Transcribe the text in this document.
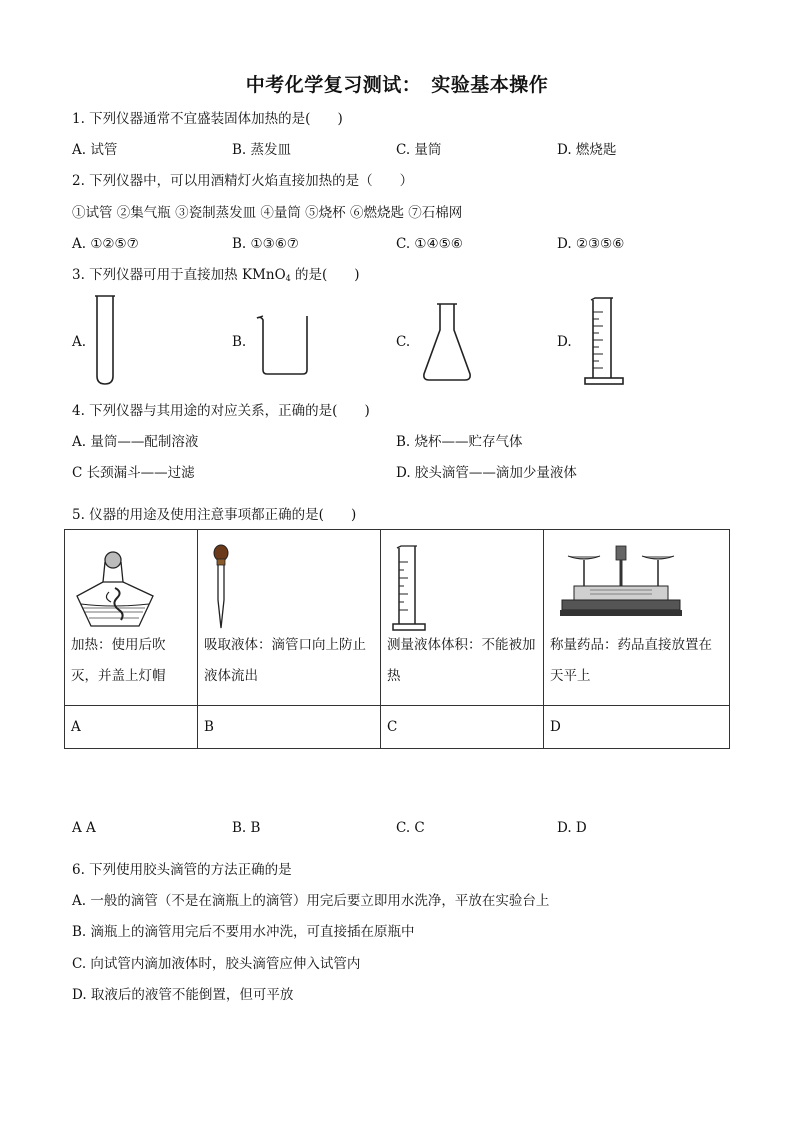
中考化学复习测试：　实验基本操作
1. 下列仪器通常不宜盛装固体加热的是(　　)
A. 试管	B. 蒸发皿	C. 量筒	D. 燃烧匙
2. 下列仪器中，可以用酒精灯火焰直接加热的是（　　）
①试管 ②集气瓶 ③瓷制蒸发皿 ④量筒 ⑤烧杯 ⑥燃烧匙 ⑦石棉网
A. ①②⑤⑦	B. ①③⑥⑦	C. ①④⑤⑥	D. ②③⑤⑥
3. 下列仪器可用于直接加热 KMnO$_4$ 的是(　　)
A.	B.	C.	D.
4. 下列仪器与其用途的对应关系，正确的是(　　)
A. 量筒——配制溶液	B. 烧杯——贮存气体
C 长颈漏斗——过滤	D. 胶头滴管——滴加少量液体
5. 仪器的用途及使用注意事项都正确的是(　　)
加热：使用后吹灭，并盖上灯帽	吸取液体：滴管口向上防止液体流出	测量液体体积：不能被加热	称量药品：药品直接放置在天平上

A	B	C	D
A A	B. B	C. C	D. D
6. 下列使用胶头滴管的方法正确的是
A. 一般的滴管（不是在滴瓶上的滴管）用完后要立即用水洗净，平放在实验台上
B. 滴瓶上的滴管用完后不要用水冲洗，可直接插在原瓶中
C. 向试管内滴加液体时，胶头滴管应伸入试管内
D. 取液后的液管不能倒置，但可平放
